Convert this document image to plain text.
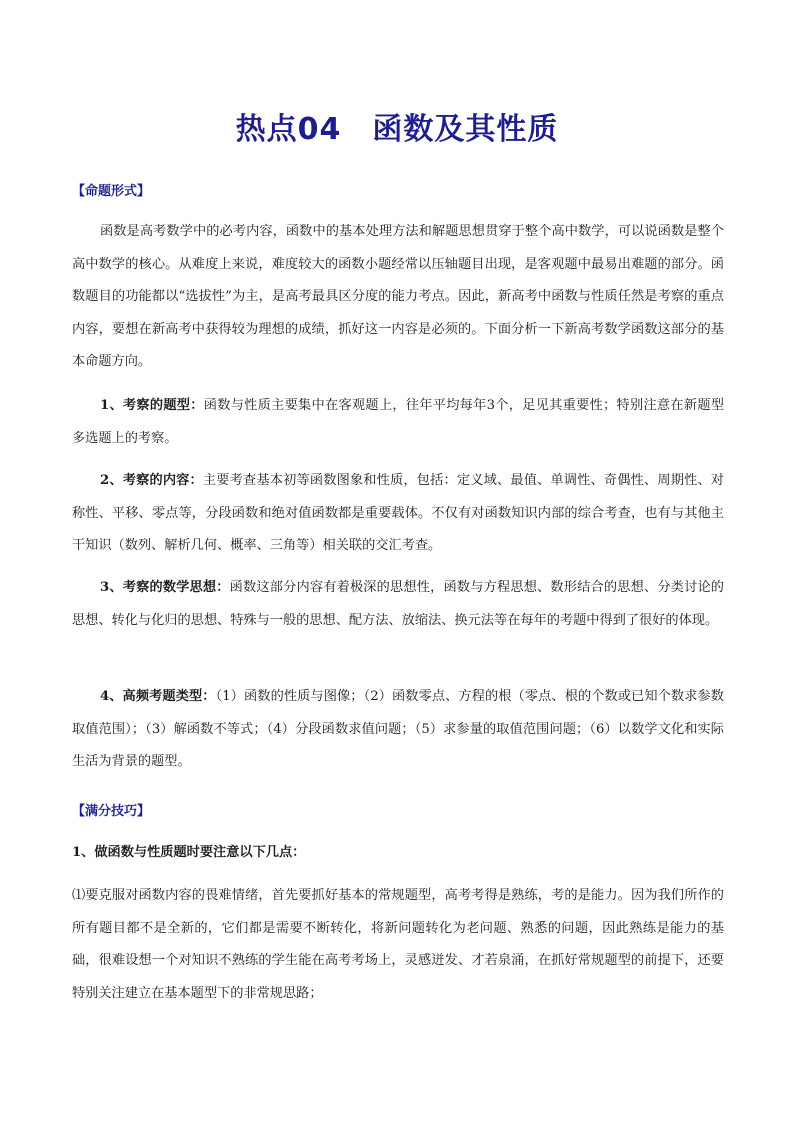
热点04　函数及其性质
【命题形式】
函数是高考数学中的必考内容，函数中的基本处理方法和解题思想贯穿于整个高中数学，可以说函数是整个高中数学的核心。从难度上来说，难度较大的函数小题经常以压轴题目出现，是客观题中最易出难题的部分。函数题目的功能都以“选拔性”为主，是高考最具区分度的能力考点。因此，新高考中函数与性质任然是考察的重点内容，要想在新高考中获得较为理想的成绩，抓好这一内容是必须的。下面分析一下新高考数学函数这部分的基本命题方向。
1、考察的题型：函数与性质主要集中在客观题上，往年平均每年3个，足见其重要性；特别注意在新题型多选题上的考察。
2、考察的内容：主要考查基本初等函数图象和性质，包括：定义域、最值、单调性、奇偶性、周期性、对称性、平移、零点等，分段函数和绝对值函数都是重要载体。不仅有对函数知识内部的综合考查，也有与其他主干知识（数列、解析几何、概率、三角等）相关联的交汇考查。
3、考察的数学思想：函数这部分内容有着极深的思想性，函数与方程思想、数形结合的思想、分类讨论的思想、转化与化归的思想、特殊与一般的思想、配方法、放缩法、换元法等在每年的考题中得到了很好的体现。
4、高频考题类型：（1）函数的性质与图像；（2）函数零点、方程的根（零点、根的个数或已知个数求参数取值范围）；（3）解函数不等式；（4）分段函数求值问题；（5）求参量的取值范围问题；（6）以数学文化和实际生活为背景的题型。
【满分技巧】
1、做函数与性质题时要注意以下几点：
⑴要克服对函数内容的畏难情绪，首先要抓好基本的常规题型，高考考得是熟练，考的是能力。因为我们所作的所有题目都不是全新的，它们都是需要不断转化，将新问题转化为老问题、熟悉的问题，因此熟练是能力的基础，很难设想一个对知识不熟练的学生能在高考考场上，灵感迸发、才若泉涌，在抓好常规题型的前提下，还要特别关注建立在基本题型下的非常规思路；
